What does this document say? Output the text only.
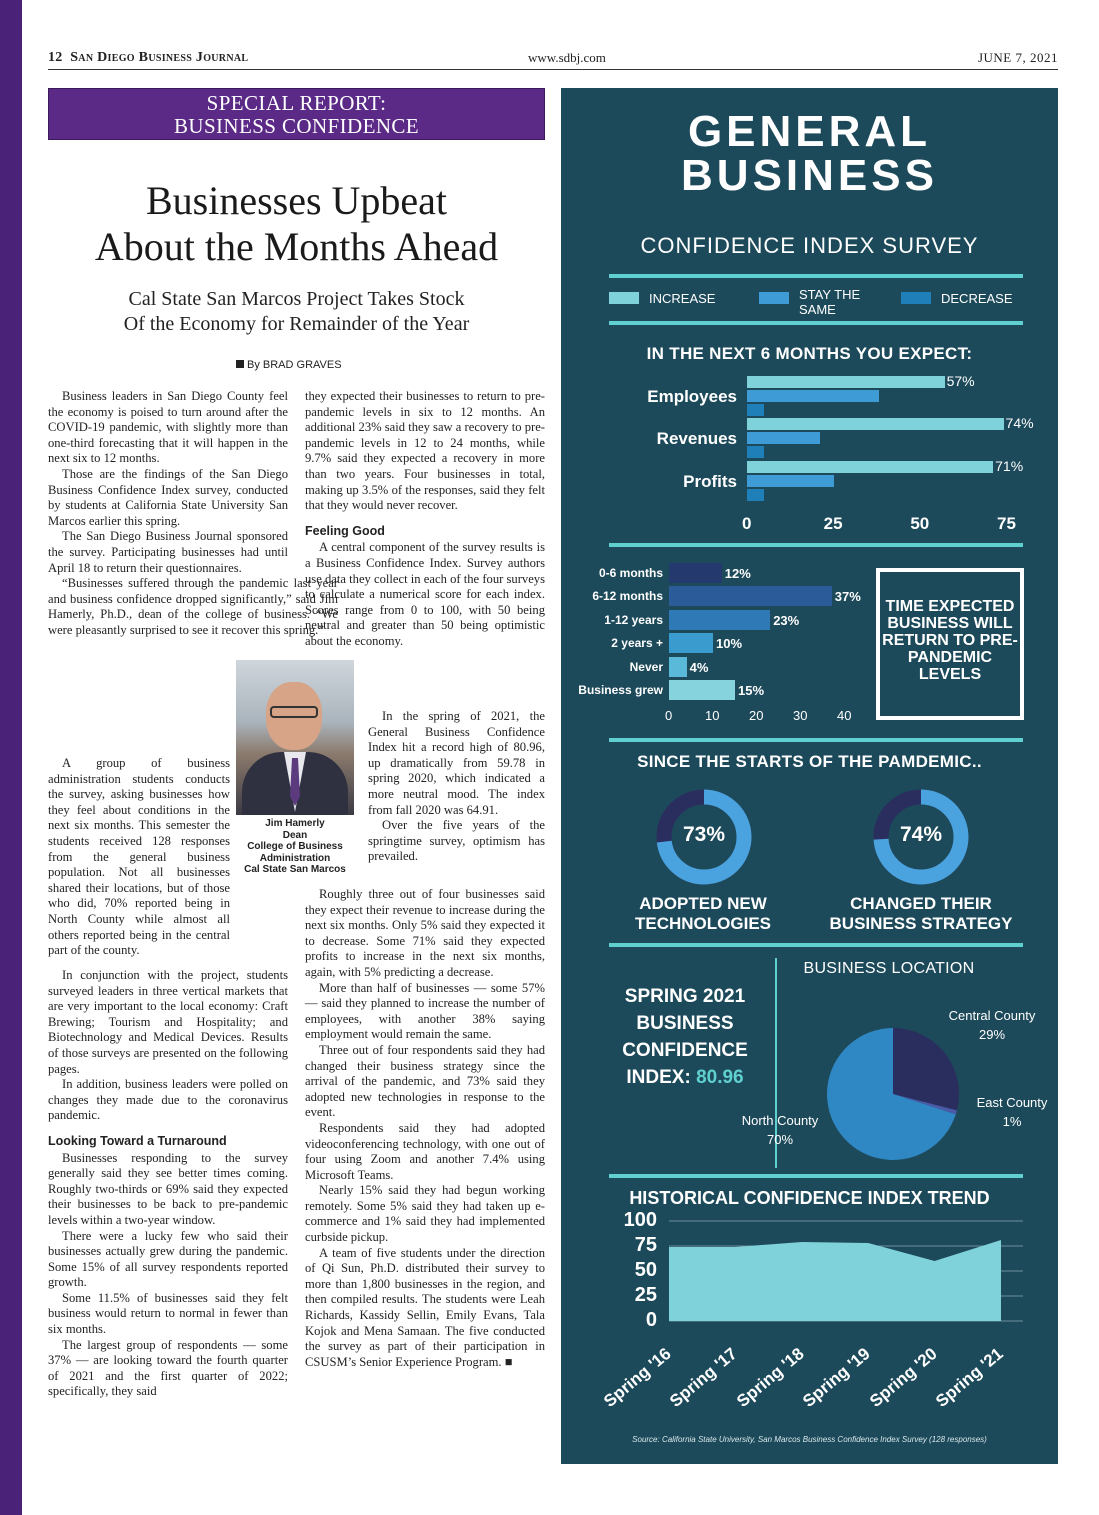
12 San Diego Business Journal	www.sdbj.com	JUNE 7, 2021
SPECIAL REPORT:
BUSINESS CONFIDENCE
Businesses Upbeat
About the Months Ahead
Cal State San Marcos Project Takes Stock
Of the Economy for Remainder of the Year
By BRAD GRAVES

Business leaders in San Diego County feel the economy is poised to turn around after the COVID-19 pandemic, with slightly more than one-third forecasting that it will happen in the next six to 12 months.

Those are the findings of the San Diego Business Confidence Index survey, conducted by students at California State University San Marcos earlier this spring.

The San Diego Business Journal sponsored the survey. Participating businesses had until April 18 to return their questionnaires.

“Businesses suffered through the pandemic last year and business confidence dropped significantly,” said Jim Hamerly, Ph.D., dean of the college of business. “We were pleasantly surprised to see it recover this spring.”

A group of business administration students conducts the survey, asking businesses how they feel about conditions in the next six months. This semester the students received 128 responses from the general business population. Not all businesses shared their locations, but of those who did, 70% reported being in North County while almost all others reported being in the central part of the county.

In conjunction with the project, students surveyed leaders in three vertical markets that are very important to the local economy: Craft Brewing; Tourism and Hospitality; and Biotechnology and Medical Devices. Results of those surveys are presented on the following pages.

In addition, business leaders were polled on changes they made due to the coronavirus pandemic.

Looking Toward a Turnaround

Businesses responding to the survey generally said they see better times coming. Roughly two-thirds or 69% said they expected their businesses to be back to pre-pandemic levels within a two-year window.

There were a lucky few who said their businesses actually grew during the pandemic. Some 15% of all survey respondents reported growth.

Some 11.5% of businesses said they felt business would return to normal in fewer than six months.

The largest group of respondents — some 37% — are looking toward the fourth quarter of 2021 and the first quarter of 2022; specifically, they said

they expected their businesses to return to pre-pandemic levels in six to 12 months. An additional 23% said they saw a recovery to pre-pandemic levels in 12 to 24 months, while 9.7% said they expected a recovery in more than two years. Four businesses in total, making up 3.5% of the responses, said they felt that they would never recover.

Feeling Good

A central component of the survey results is a Business Confidence Index. Survey authors use data they collect in each of the four surveys to calculate a numerical score for each index. Scores range from 0 to 100, with 50 being neutral and greater than 50 being optimistic about the economy.

In the spring of 2021, the General Business Confidence Index hit a record high of 80.96, up dramatically from 59.78 in spring 2020, which indicated a more neutral mood. The index from fall 2020 was 64.91.

Over the five years of the springtime survey, optimism has prevailed.

Roughly three out of four businesses said they expect their revenue to increase during the next six months. Only 5% said they expected it to decrease. Some 71% said they expected profits to increase in the next six months, again, with 5% predicting a decrease.

More than half of businesses — some 57% — said they planned to increase the number of employees, with another 38% saying employment would remain the same.

Three out of four respondents said they had changed their business strategy since the arrival of the pandemic, and 73% said they adopted new technologies in response to the event.

Respondents said they had adopted videoconferencing technology, with one out of four using Zoom and another 7.4% using Microsoft Teams.

Nearly 15% said they had begun working remotely. Some 5% said they had taken up e-commerce and 1% said they had implemented curbside pickup.

A team of five students under the direction of Qi Sun, Ph.D. distributed their survey to more than 1,800 businesses in the region, and then compiled results. The students were Leah Richards, Kassidy Sellin, Emily Evans, Tala Kojok and Mena Samaan. The five conducted the survey as part of their participation in CSUSM’s Senior Experience Program. ■

Jim Hamerly
Dean
College of Business
Administration
Cal State San Marcos
GENERAL
BUSINESS
CONFIDENCE INDEX SURVEY
INCREASE	STAY THE SAME
DECREASE
IN THE NEXT 6 MONTHS YOU EXPECT:
TIME EXPECTED BUSINESS WILL RETURN TO PRE-PANDEMIC LEVELS
SINCE THE STARTS OF THE PAMDEMIC..
73%
ADOPTED NEW TECHNOLOGIES
74%
CHANGED THEIR BUSINESS STRATEGY
SPRING 2021
BUSINESS
CONFIDENCE
INDEX: 80.96
BUSINESS LOCATION
Central County
29%
East County
1%
North County
70%
HISTORICAL CONFIDENCE INDEX TREND
Source: California State University, San Marcos Business Confidence Index Survey (128 responses)
Employees
57%
Revenues
74%
Profits
71%
0	25	50	75
0-6 months	12%
6-12 months	37%
1-12 years	23%
2 years +	10%
Never 4%
Business grew	15%
0	10 20 30 40
100
75
50
25
0
Spring '16
Spring '17
Spring '18
Spring '19
Spring '20
Spring '21
